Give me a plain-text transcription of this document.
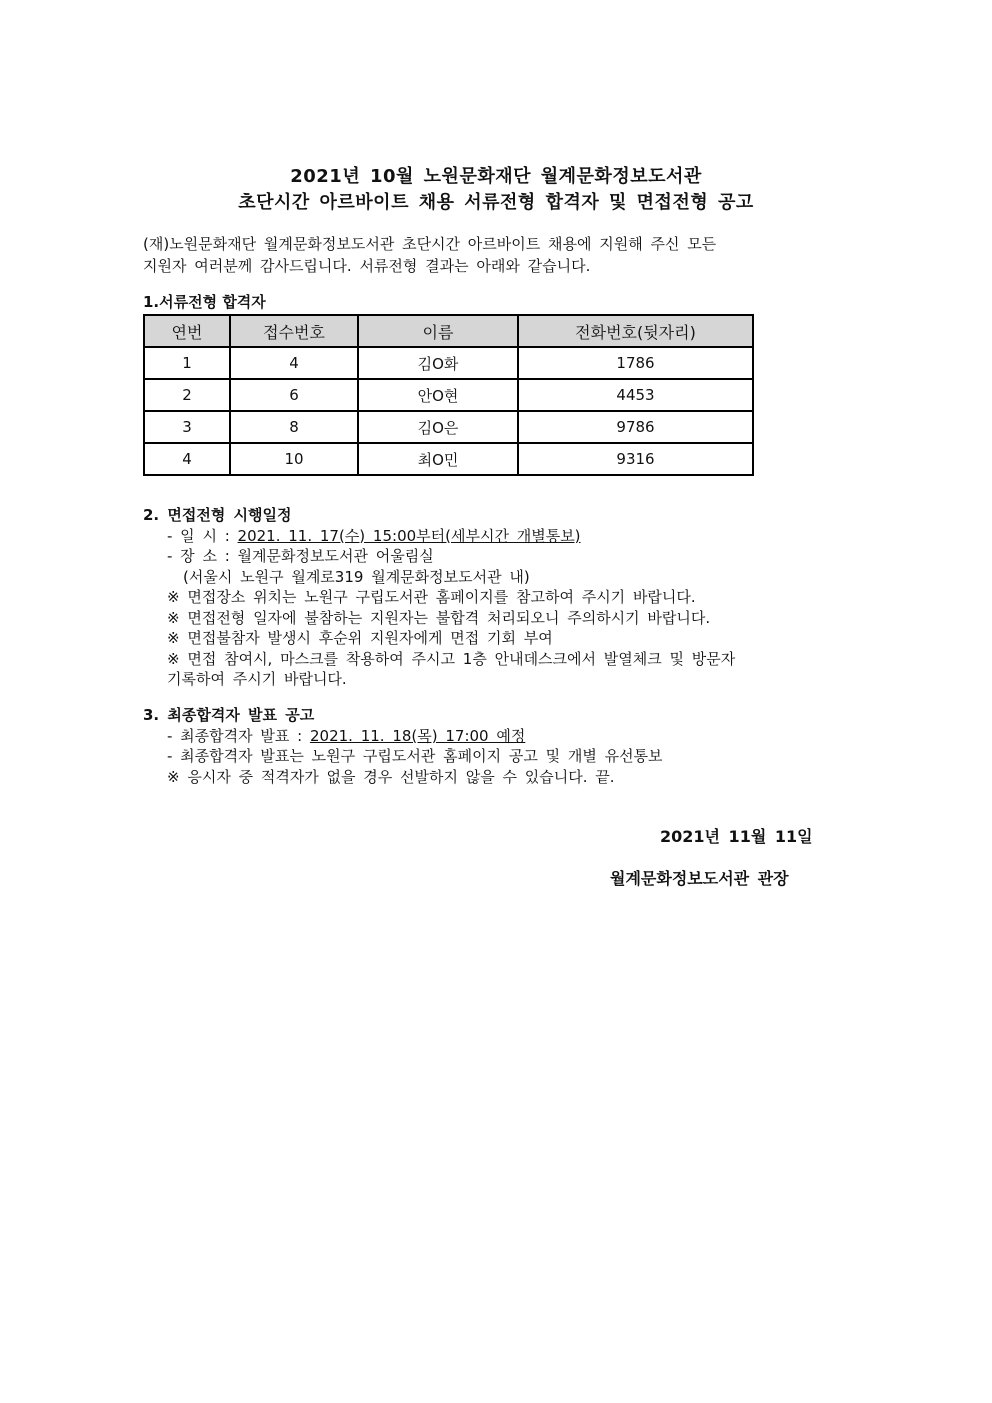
2021년 10월 노원문화재단 월계문화정보도서관
초단시간 아르바이트 채용 서류전형 합격자 및 면접전형 공고
(재)노원문화재단 월계문화정보도서관 초단시간 아르바이트 채용에 지원해 주신 모든
지원자 여러분께 감사드립니다. 서류전형 결과는 아래와 같습니다.
1.서류전형 합격자
연번	접수번호	이름	전화번호(뒷자리)
1	4	김O화	1786
2	6	안O현	4453
3	8	김O은	9786
4	10	최O민	9316
2. 면접전형 시행일정
- 일 시 : 2021. 11. 17(수) 15:00부터(세부시간 개별통보)
- 장 소 : 월계문화정보도서관 어울림실
(서울시 노원구 월계로319 월계문화정보도서관 내)
※ 면접장소 위치는 노원구 구립도서관 홈페이지를 참고하여 주시기 바랍니다.
※ 면접전형 일자에 불참하는 지원자는 불합격 처리되오니 주의하시기 바랍니다.
※ 면접불참자 발생시 후순위 지원자에게 면접 기회 부여
※ 면접 참여시, 마스크를 착용하여 주시고 1층 안내데스크에서 발열체크 및 방문자
기록하여 주시기 바랍니다.
3. 최종합격자 발표 공고
- 최종합격자 발표 : 2021. 11. 18(목) 17:00 예정
- 최종합격자 발표는 노원구 구립도서관 홈페이지 공고 및 개별 유선통보
※ 응시자 중 적격자가 없을 경우 선발하지 않을 수 있습니다. 끝.
2021년 11월 11일
월계문화정보도서관 관장
